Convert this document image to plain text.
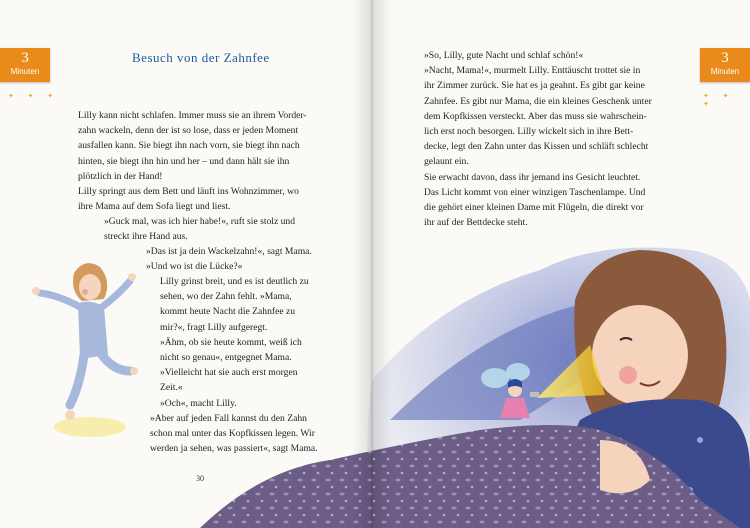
3
Minuten
✦ ✦ ✦
3
Minuten
✦ ✦ ✦
Besuch von der Zahnfee
Lilly kann nicht schlafen. Immer muss sie an ihrem Vorder-
zahn wackeln, denn der ist so lose, dass er jeden Moment
ausfallen kann. Sie biegt ihn nach vorn, sie biegt ihn nach
hinten, sie biegt ihn hin und her – und dann hält sie ihn
plötzlich in der Hand!
Lilly springt aus dem Bett und läuft ins Wohnzimmer, wo
ihre Mama auf dem Sofa liegt und liest.
»Guck mal, was ich hier habe!«, ruft sie stolz und
streckt ihre Hand aus.
»Das ist ja dein Wackelzahn!«, sagt Mama.
»Und wo ist die Lücke?«
Lilly grinst breit, und es ist deutlich zu
sehen, wo der Zahn fehlt. »Mama,
kommt heute Nacht die Zahnfee zu
mir?«, fragt Lilly aufgeregt.
»Ähm, ob sie heute kommt, weiß ich
nicht so genau«, entgegnet Mama.
»Vielleicht hat sie auch erst morgen
Zeit.«
»Och«, macht Lilly.
»Aber auf jeden Fall kannst du den Zahn
schon mal unter das Kopfkissen legen. Wir
werden ja sehen, was passiert«, sagt Mama.
30
»So, Lilly, gute Nacht und schlaf schön!«
»Nacht, Mama!«, murmelt Lilly. Enttäuscht trottet sie in
ihr Zimmer zurück. Sie hat es ja geahnt. Es gibt gar keine
Zahnfee. Es gibt nur Mama, die ein kleines Geschenk unter
dem Kopfkissen versteckt. Aber das muss sie wahrschein-
lich erst noch besorgen. Lilly wickelt sich in ihre Bett-
decke, legt den Zahn unter das Kissen und schläft schlecht
gelaunt ein.
Sie erwacht davon, dass ihr jemand ins Gesicht leuchtet.
Das Licht kommt von einer winzigen Taschenlampe. Und
die gehört einer kleinen Dame mit Flügeln, die direkt vor
ihr auf der Bettdecke steht.
